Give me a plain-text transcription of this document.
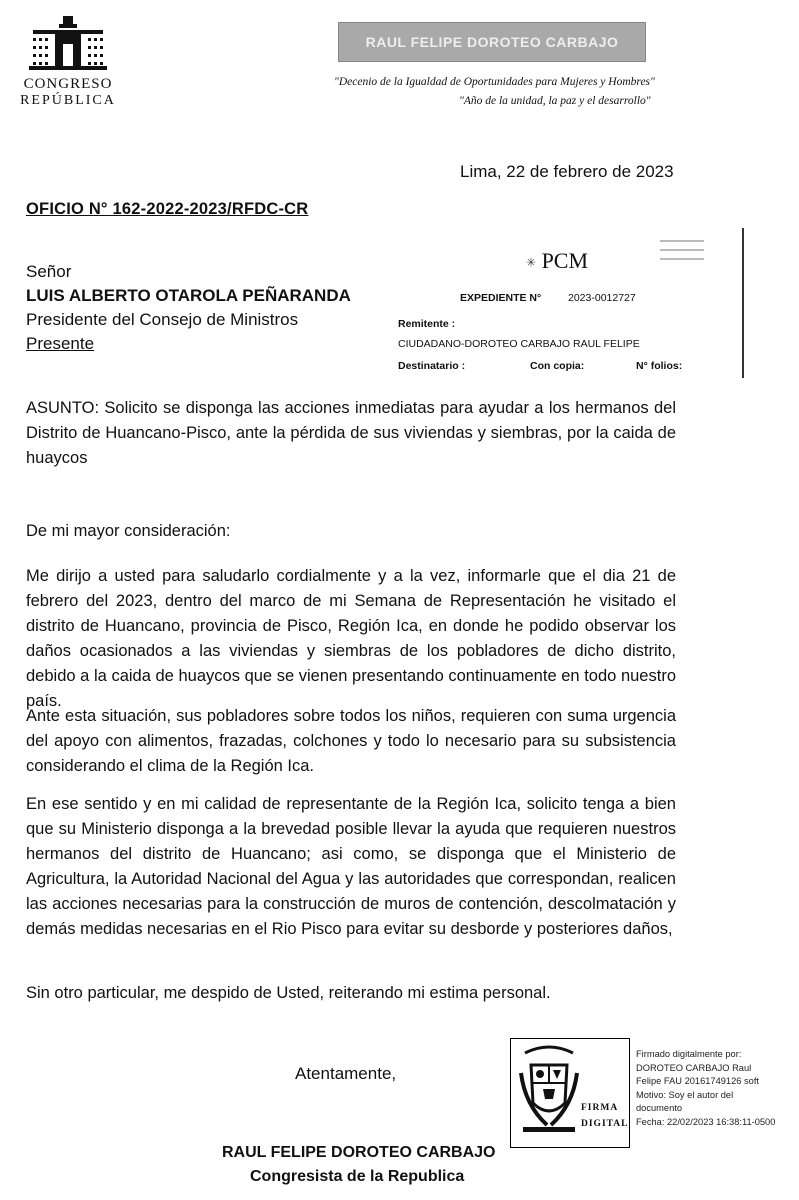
CONGRESO
REPÚBLICA
RAUL FELIPE DOROTEO CARBAJO
"Decenio de la Igualdad de Oportunidades para Mujeres y Hombres"
"Año de la unidad, la paz y el desarrollo"
Lima, 22 de febrero de 2023
OFICIO N° 162-2022-2023/RFDC-CR
Señor
LUIS ALBERTO OTAROLA PEÑARANDA
Presidente del Consejo de Ministros
Presente
✳ PCM
EXPEDIENTE N°	2023-0012727
Remitente :
CIUDADANO-DOROTEO CARBAJO RAUL FELIPE
Destinatario :	Con copia:	N° folios:
ASUNTO: Solicito se disponga las acciones inmediatas para ayudar a los hermanos del Distrito de Huancano-Pisco, ante la pérdida de sus viviendas y siembras, por la caida de huaycos
De mi mayor consideración:
Me dirijo a usted para saludarlo cordialmente y a la vez, informarle que el dia 21 de febrero del 2023, dentro del marco de mi Semana de Representación he visitado el distrito de Huancano, provincia de Pisco, Región Ica, en donde he podido observar los daños ocasionados a las viviendas y siembras de los pobladores de dicho distrito, debido a la caida de huaycos que se vienen presentando continuamente en todo nuestro país.
Ante esta situación, sus pobladores sobre todos los niños, requieren con suma urgencia del apoyo con alimentos, frazadas, colchones y todo lo necesario para su subsistencia considerando el clima de la Región Ica.
En ese sentido y en mi calidad de representante de la Región Ica, solicito tenga a bien que su Ministerio disponga a la brevedad posible llevar la ayuda que requieren nuestros hermanos del distrito de Huancano; asi como, se disponga que el Ministerio de Agricultura, la Autoridad Nacional del Agua y las autoridades que correspondan, realicen las acciones necesarias para la construcción de muros de contención, descolmatación y demás medidas necesarias en el Rio Pisco para evitar su desborde y posteriores daños,
Sin otro particular, me despido de Usted, reiterando mi estima personal.
Atentamente,
FIRMA
DIGITAL
Firmado digitalmente por:
DOROTEO CARBAJO Raul
Felipe FAU 20161749126 soft
Motivo: Soy el autor del
documento
Fecha: 22/02/2023 16:38:11-0500
RAUL FELIPE DOROTEO CARBAJO
Congresista de la Republica
